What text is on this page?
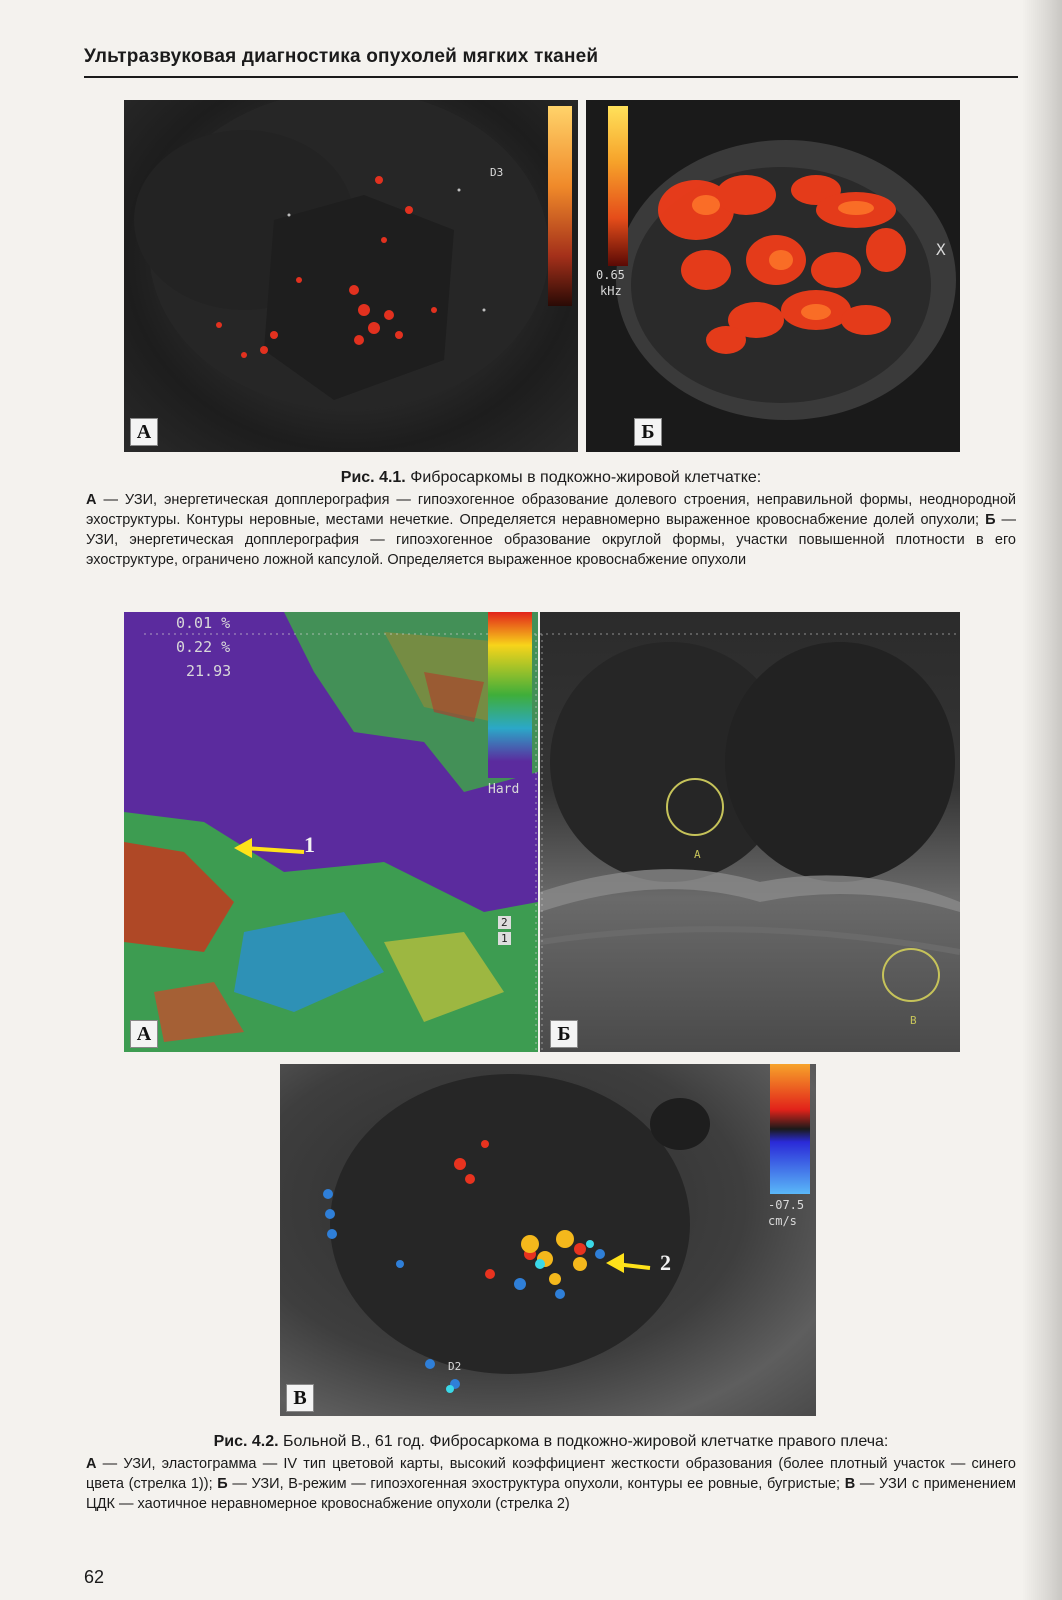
Ультразвуковая диагностика опухолей мягких тканей
D3
A
0.65
kHz
X
Б
Рис. 4.1. Фибросаркомы в подкожно-жировой клетчатке:
А — УЗИ, энергетическая допплерография — гипоэхогенное образование долевого строения, неправильной формы, неоднородной эхоструктуры. Контуры неровные, местами нечеткие. Определяется неравномерно выраженное кровоснабжение долей опухоли; Б — УЗИ, энергетическая допплерография — гипоэхогенное образование округлой формы, участки повышенной плотности в его эхоструктуре, ограничено ложной капсулой. Определяется выраженное кровоснабжение опухоли
0.01 %
0.22 %
21.93
Hard
1
2
1
A
A
B
Б
-07.5
cm/s
2
D2
В
Рис. 4.2. Больной В., 61 год. Фибросаркома в подкожно-жировой клетчатке правого плеча:
А — УЗИ, эластограмма — IV тип цветовой карты, высокий коэффициент жесткости образования (более плотный участок — синего цвета (стрелка 1)); Б — УЗИ, В-режим — гипоэхогенная эхоструктура опухоли, контуры ее ровные, бугристые; В — УЗИ с применением ЦДК — хаотичное неравномерное кровоснабжение опухоли (стрелка 2)
62
